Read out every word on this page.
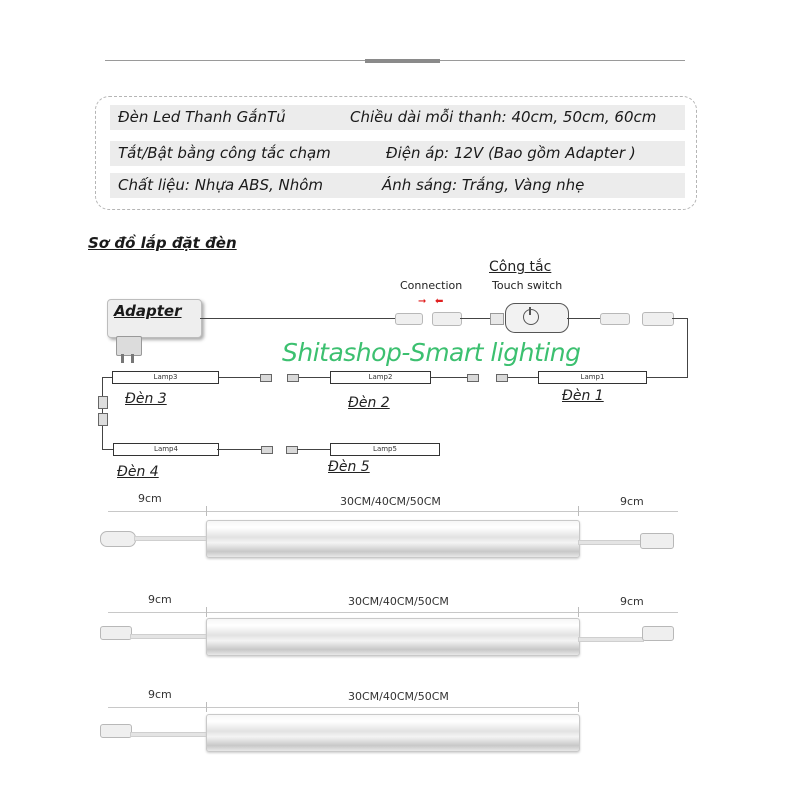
Đèn Led Thanh GắnTủ	Chiều dài mỗi thanh: 40cm, 50cm, 60cm
Tắt/Bật bằng công tắc chạm	Điện áp: 12V (Bao gồm Adapter )
Chất liệu: Nhựa ABS, Nhôm	Ánh sáng: Trắng, Vàng nhẹ
Sơ đồ lắp đặt đèn
Adapter
Connection
➞ ⬅
Công tắc
Touch switch
Shitashop-Smart lighting
Lamp1
Lamp2
Lamp3
Đèn 1
Đèn 2
Đèn 3
Lamp4	Lamp5
Đèn 4	Đèn 5
9cm	30CM/40CM/50CM	9cm
9cm	30CM/40CM/50CM	9cm
9cm	30CM/40CM/50CM
